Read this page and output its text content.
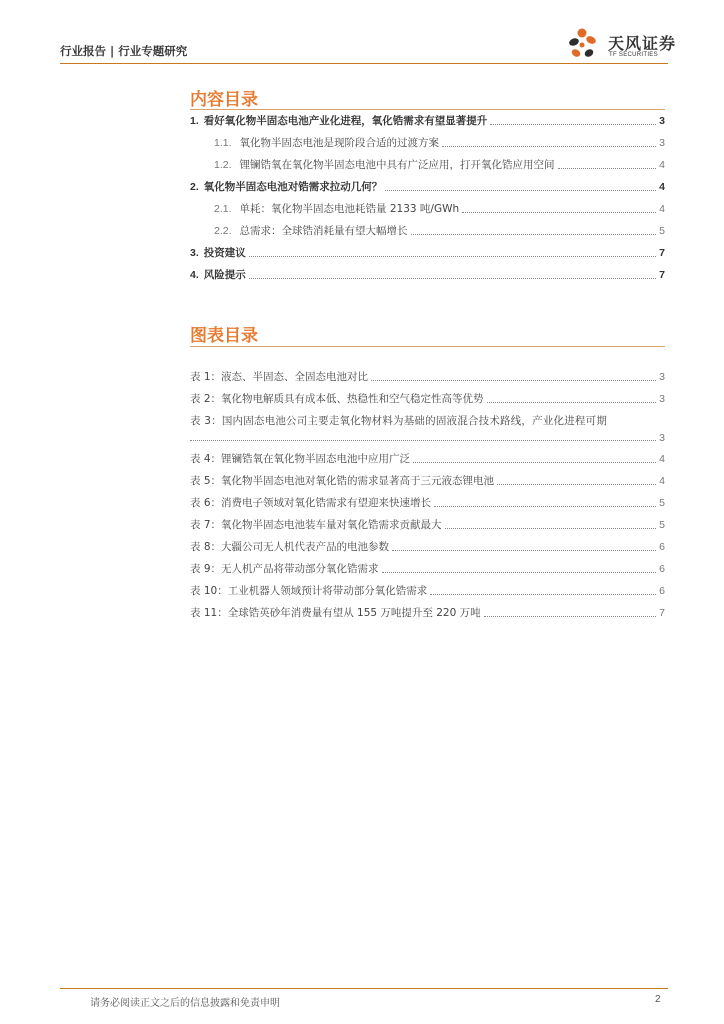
行业报告 | 行业专题研究	天风证券
TF SECURITIES
内容目录
1. 看好氧化物半固态电池产业化进程，氧化锆需求有望显著提升	3
1.1. 氧化物半固态电池是现阶段合适的过渡方案	3
1.2. 锂镧锆氧在氧化物半固态电池中具有广泛应用，打开氧化锆应用空间	4
2. 氧化物半固态电池对锆需求拉动几何？	4
2.1. 单耗：氧化物半固态电池耗锆量 2133 吨/GWh	4
2.2. 总需求：全球锆消耗量有望大幅增长	5
3. 投资建议	7
4. 风险提示	7
图表目录
表 1：液态、半固态、全固态电池对比	3
表 2：氧化物电解质具有成本低、热稳性和空气稳定性高等优势	3
表 3：国内固态电池公司主要走氧化物材料为基础的固液混合技术路线，产业化进程可期
3
表 4：锂镧锆氧在氧化物半固态电池中应用广泛	4
表 5：氧化物半固态电池对氧化锆的需求显著高于三元液态锂电池	4
表 6：消费电子领域对氧化锆需求有望迎来快速增长	5
表 7：氧化物半固态电池装车量对氧化锆需求贡献最大	5
表 8：大疆公司无人机代表产品的电池参数	6
表 9：无人机产品将带动部分氧化锆需求	6
表 10：工业机器人领域预计将带动部分氧化锆需求	6
表 11：全球锆英砂年消费量有望从 155 万吨提升至 220 万吨	7
请务必阅读正文之后的信息披露和免责申明	2
